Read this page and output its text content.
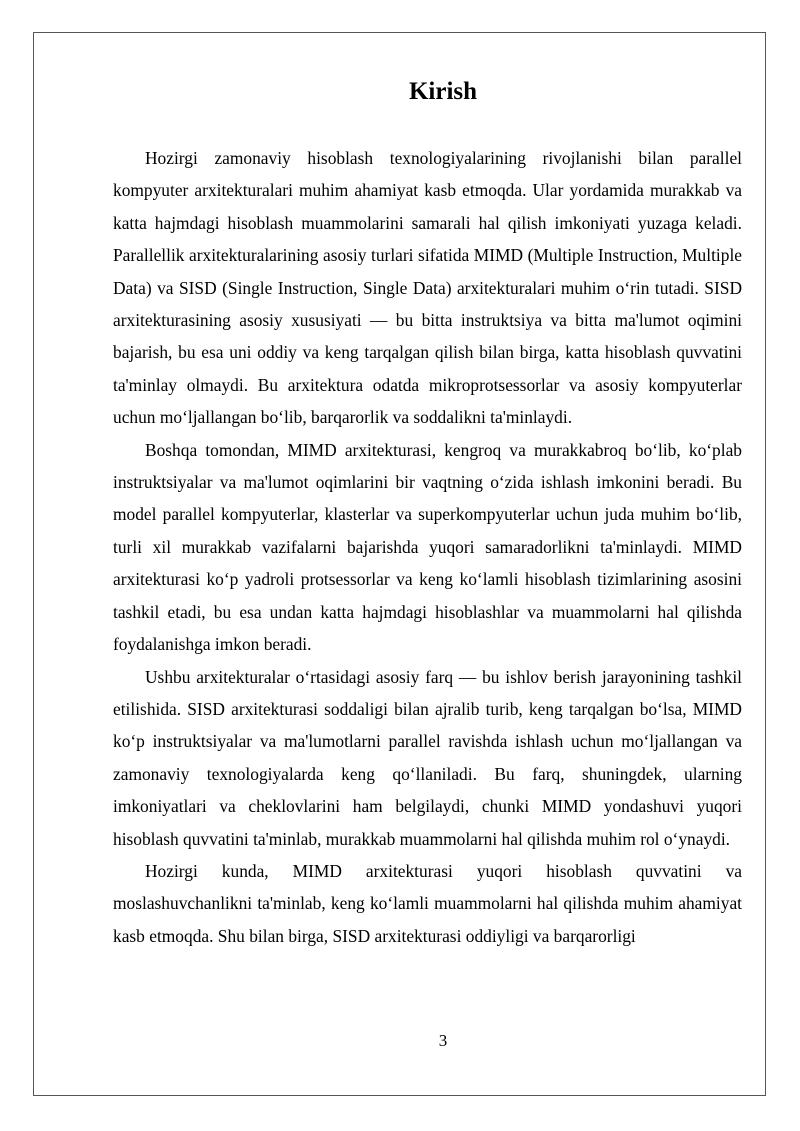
Kirish

Hozirgi zamonaviy hisoblash texnologiyalarining rivojlanishi bilan parallel kompyuter arxitekturalari muhim ahamiyat kasb etmoqda. Ular yordamida murakkab va katta hajmdagi hisoblash muammolarini samarali hal qilish imkoniyati yuzaga keladi. Parallellik arxitekturalarining asosiy turlari sifatida MIMD (Multiple Instruction, Multiple Data) va SISD (Single Instruction, Single Data) arxitekturalari muhim oʻrin tutadi. SISD arxitekturasining asosiy xususiyati — bu bitta instruktsiya va bitta ma'lumot oqimini bajarish, bu esa uni oddiy va keng tarqalgan qilish bilan birga, katta hisoblash quvvatini ta'minlay olmaydi. Bu arxitektura odatda mikroprotsessorlar va asosiy kompyuterlar uchun moʻljallangan boʻlib, barqarorlik va soddalikni ta'minlaydi.

Boshqa tomondan, MIMD arxitekturasi, kengroq va murakkabroq boʻlib, koʻplab instruktsiyalar va ma'lumot oqimlarini bir vaqtning oʻzida ishlash imkonini beradi. Bu model parallel kompyuterlar, klasterlar va superkompyuterlar uchun juda muhim boʻlib, turli xil murakkab vazifalarni bajarishda yuqori samaradorlikni ta'minlaydi. MIMD arxitekturasi koʻp yadroli protsessorlar va keng koʻlamli hisoblash tizimlarining asosini tashkil etadi, bu esa undan katta hajmdagi hisoblashlar va muammolarni hal qilishda foydalanishga imkon beradi.

Ushbu arxitekturalar oʻrtasidagi asosiy farq — bu ishlov berish jarayonining tashkil etilishida. SISD arxitekturasi soddaligi bilan ajralib turib, keng tarqalgan boʻlsa, MIMD koʻp instruktsiyalar va ma'lumotlarni parallel ravishda ishlash uchun moʻljallangan va zamonaviy texnologiyalarda keng qoʻllaniladi. Bu farq, shuningdek, ularning imkoniyatlari va cheklovlarini ham belgilaydi, chunki MIMD yondashuvi yuqori hisoblash quvvatini ta'minlab, murakkab muammolarni hal qilishda muhim rol oʻynaydi.

Hozirgi kunda, MIMD arxitekturasi yuqori hisoblash quvvatini va moslashuvchanlikni ta'minlab, keng koʻlamli muammolarni hal qilishda muhim ahamiyat kasb etmoqda. Shu bilan birga, SISD arxitekturasi oddiyligi va barqarorligi

3
